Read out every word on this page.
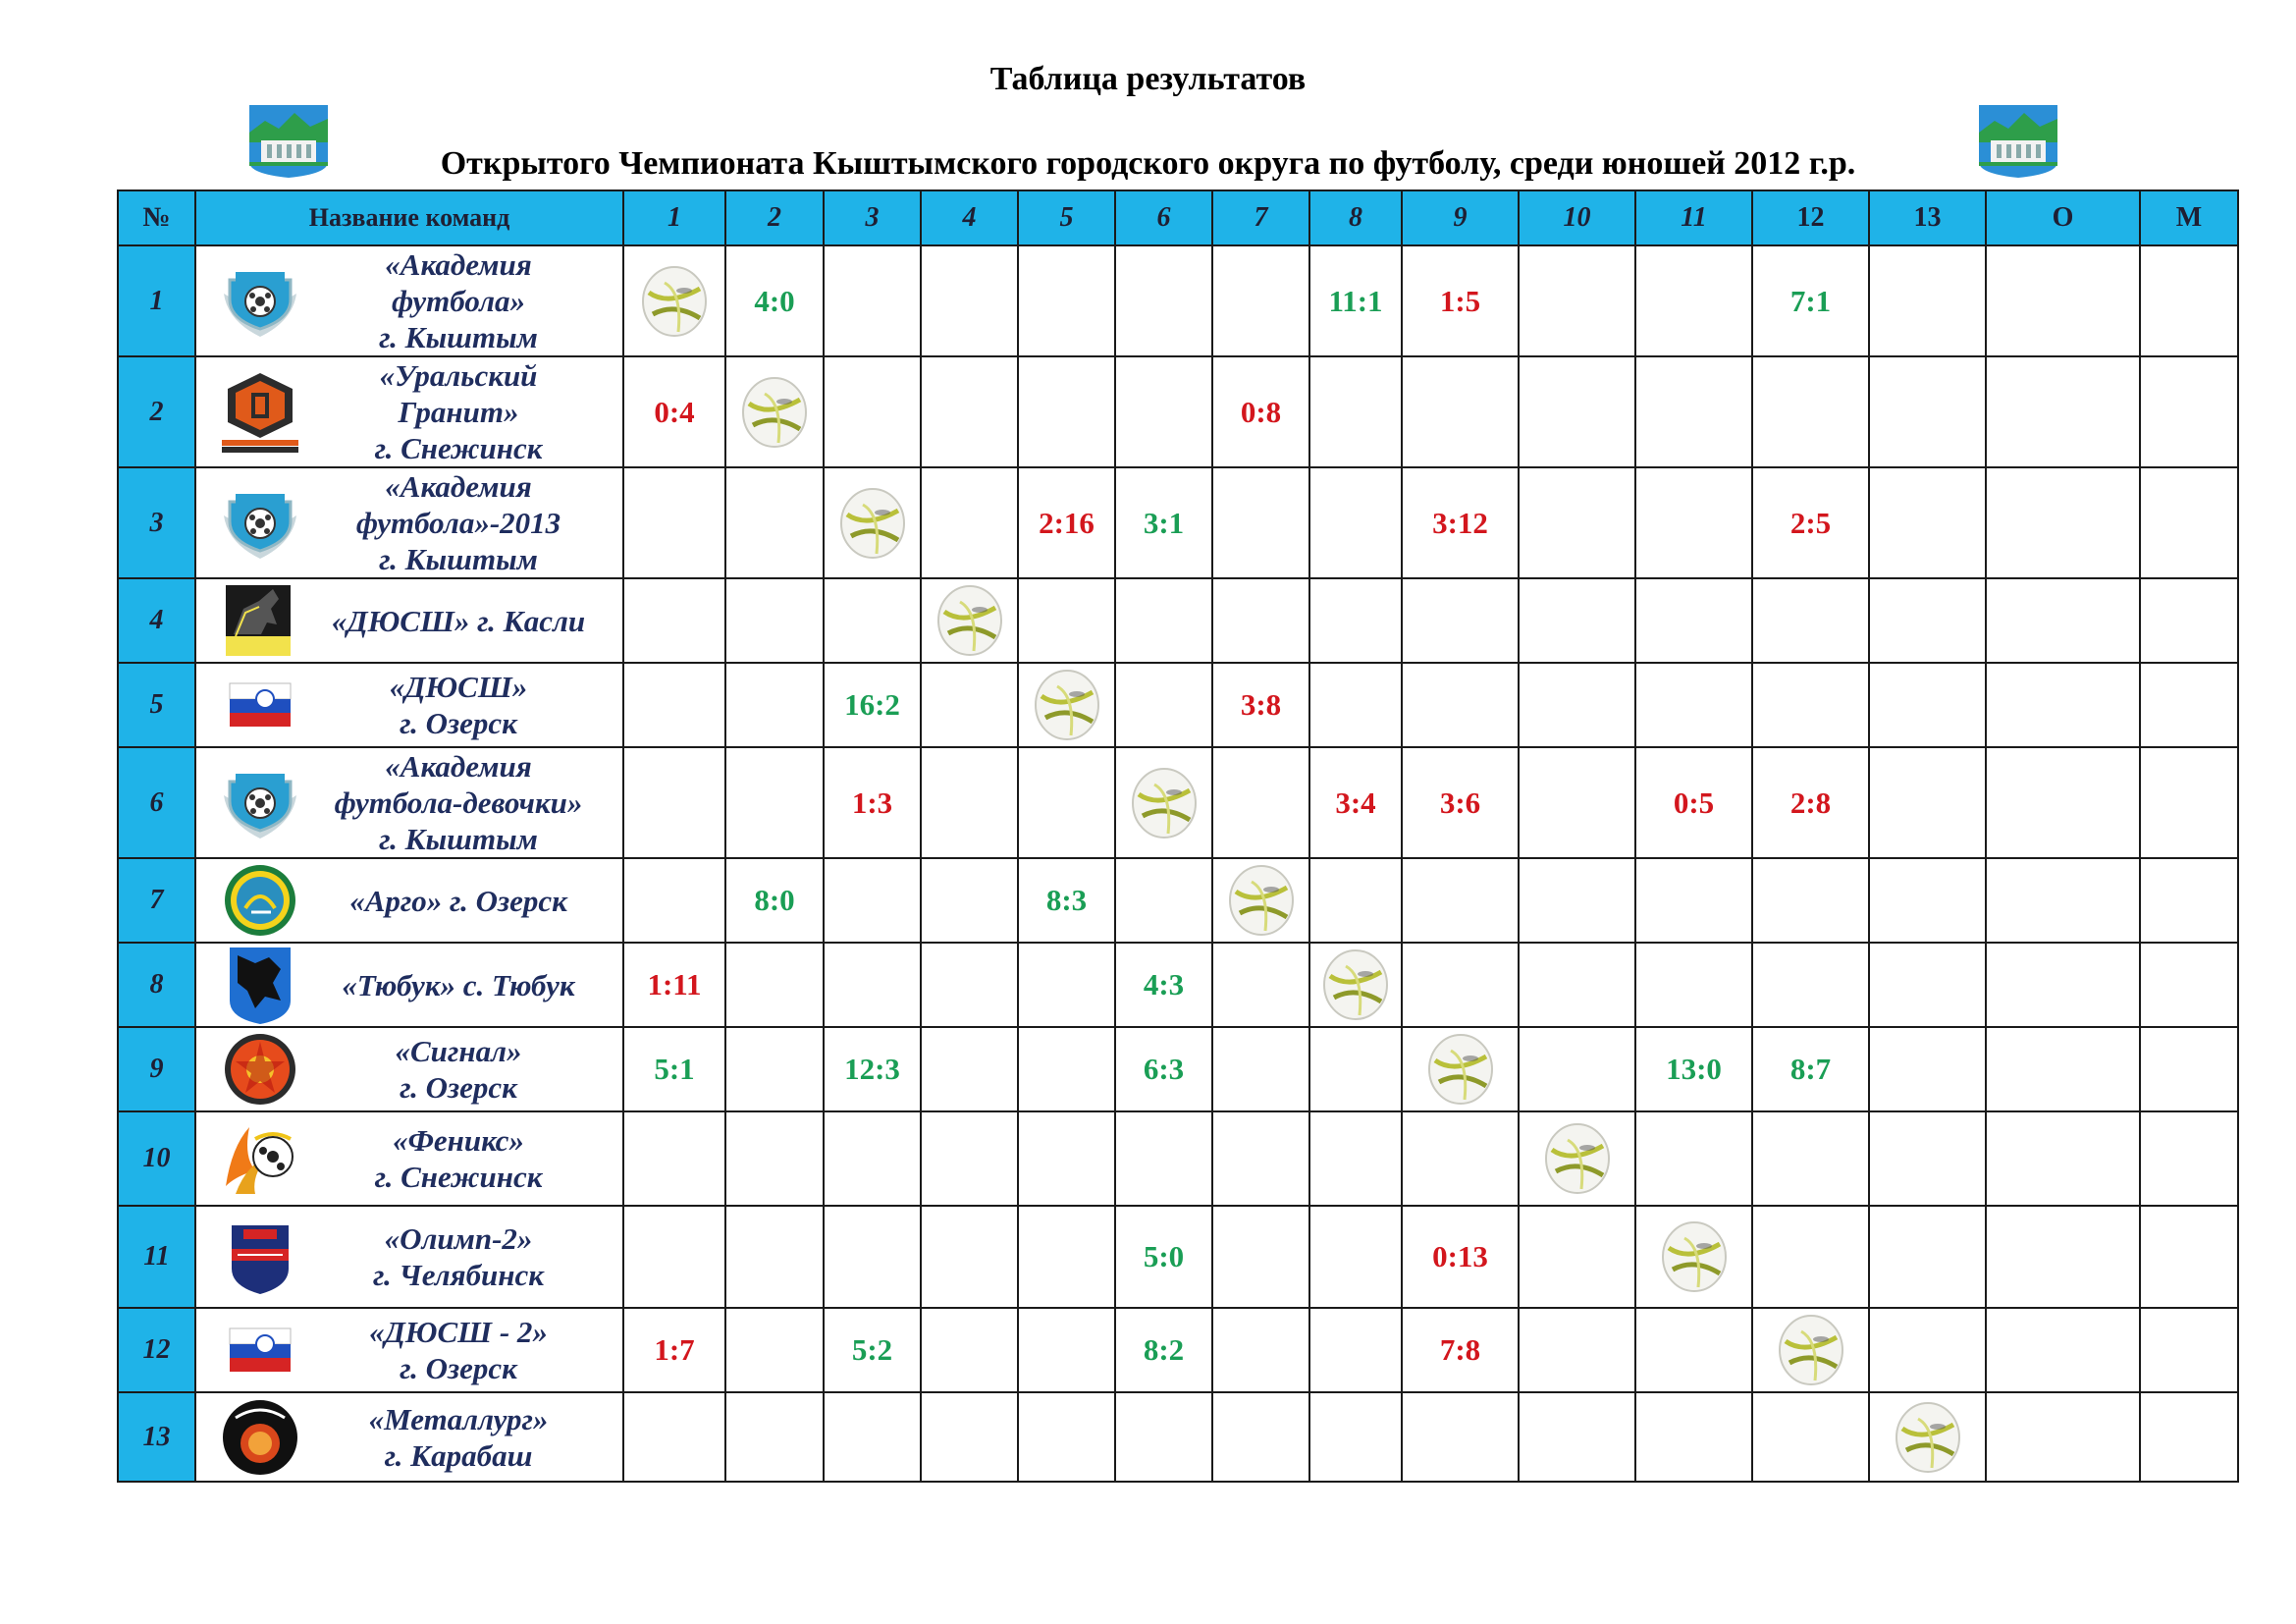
Таблица результатов
Открытого Чемпионата Кыштымского городского округа по футболу, среди юношей 2012 г.р.
№	Название команд	1	2	3	4	5	6	7	8	9	10	11	12	13	О	М
1	«Академия
футбола»
г. Кыштым		4:0						11:1	1:5			7:1			
2	«Уральский
Гранит»
г. Снежинск	0:4						0:8								
3	«Академия
футбола»-2013
г. Кыштым					2:16	3:1			3:12			2:5			
4	«ДЮСШ» г. Касли

5	«ДЮСШ»
г. Озерск			16:2				3:8								
6	«Академия
футбола-девочки»
г. Кыштым			1:3					3:4	3:6		0:5	2:8			
7	«Арго» г. Озерск		8:0			8:3		

8	«Тюбук» с. Тюбук	1:11					4:3		

9	«Сигнал»
г. Озерск	5:1		12:3			6:3					13:0	8:7			
10	«Феникс»
г. Снежинск

11	«Олимп-2»
г. Челябинск						5:0			0:13		

12	«ДЮСШ - 2»
г. Озерск	1:7		5:2			8:2			7:8			

13	«Металлург»
г. Карабаш
